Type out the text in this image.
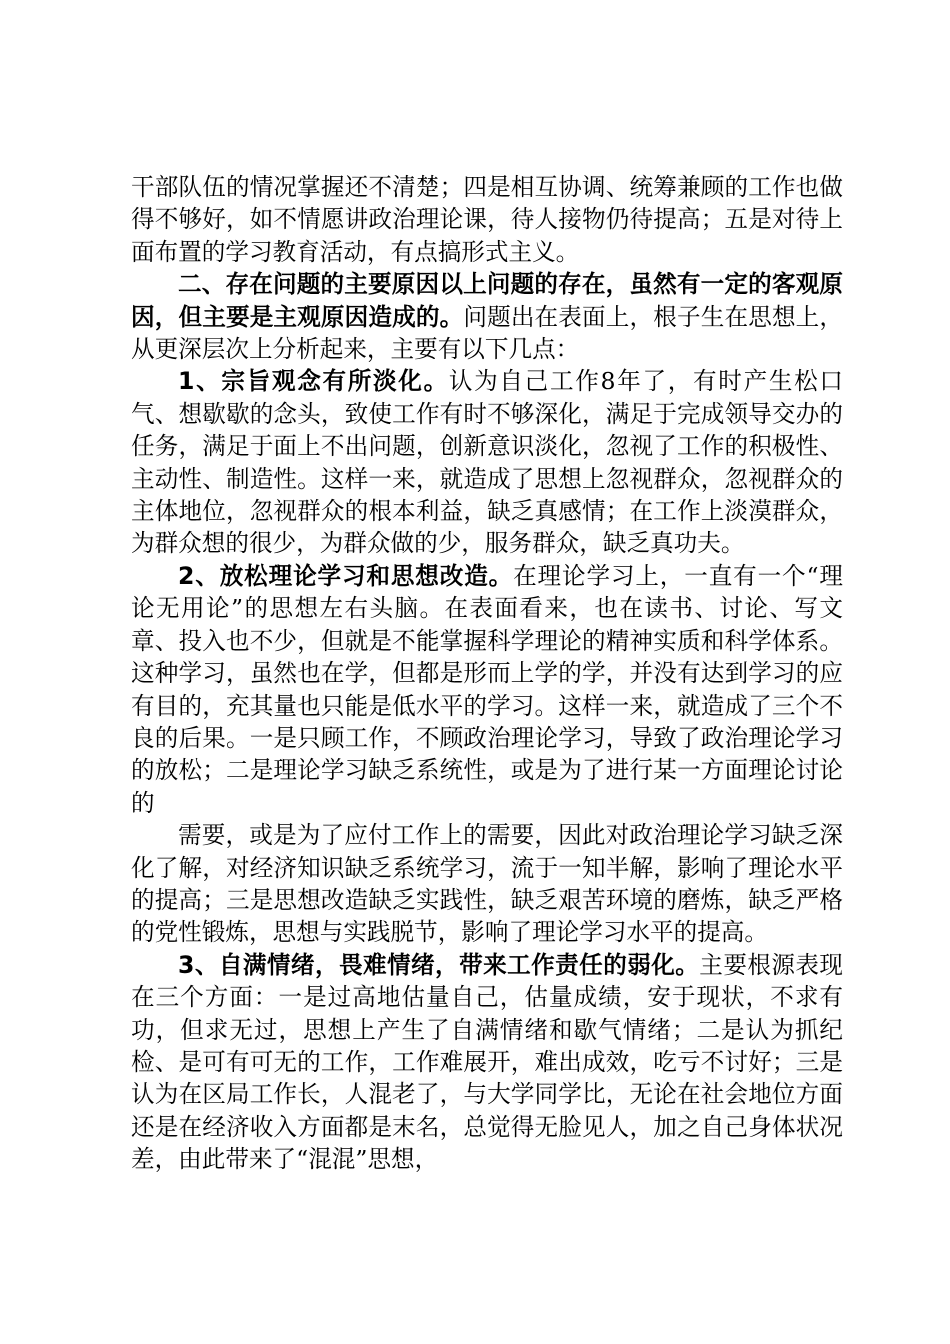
干部队伍的情况掌握还不清楚；四是相互协调、统筹兼顾的工作也做得不够好，如不情愿讲政治理论课，待人接物仍待提高；五是对待上面布置的学习教育活动，有点搞形式主义。

二、存在问题的主要原因以上问题的存在，虽然有一定的客观原因，但主要是主观原因造成的。问题出在表面上，根子生在思想上，从更深层次上分析起来，主要有以下几点：

1、宗旨观念有所淡化。认为自己工作8年了，有时产生松口气、想歇歇的念头，致使工作有时不够深化，满足于完成领导交办的任务，满足于面上不出问题，创新意识淡化，忽视了工作的积极性、主动性、制造性。这样一来，就造成了思想上忽视群众，忽视群众的主体地位，忽视群众的根本利益，缺乏真感情；在工作上淡漠群众，为群众想的很少，为群众做的少，服务群众，缺乏真功夫。

2、放松理论学习和思想改造。在理论学习上，一直有一个“理论无用论”的思想左右头脑。在表面看来，也在读书、讨论、写文章、投入也不少，但就是不能掌握科学理论的精神实质和科学体系。这种学习，虽然也在学，但都是形而上学的学，并没有达到学习的应有目的，充其量也只能是低水平的学习。这样一来，就造成了三个不良的后果。一是只顾工作，不顾政治理论学习，导致了政治理论学习的放松；二是理论学习缺乏系统性，或是为了进行某一方面理论讨论的

需要，或是为了应付工作上的需要，因此对政治理论学习缺乏深化了解，对经济知识缺乏系统学习，流于一知半解，影响了理论水平的提高；三是思想改造缺乏实践性，缺乏艰苦环境的磨炼，缺乏严格的党性锻炼，思想与实践脱节，影响了理论学习水平的提高。

3、自满情绪，畏难情绪，带来工作责任的弱化。主要根源表现在三个方面：一是过高地估量自己，估量成绩，安于现状，不求有功，但求无过，思想上产生了自满情绪和歇气情绪；二是认为抓纪检、是可有可无的工作，工作难展开，难出成效，吃亏不讨好；三是认为在区局工作长，人混老了，与大学同学比，无论在社会地位方面还是在经济收入方面都是末名，总觉得无脸见人，加之自己身体状况差，由此带来了“混混”思想，
